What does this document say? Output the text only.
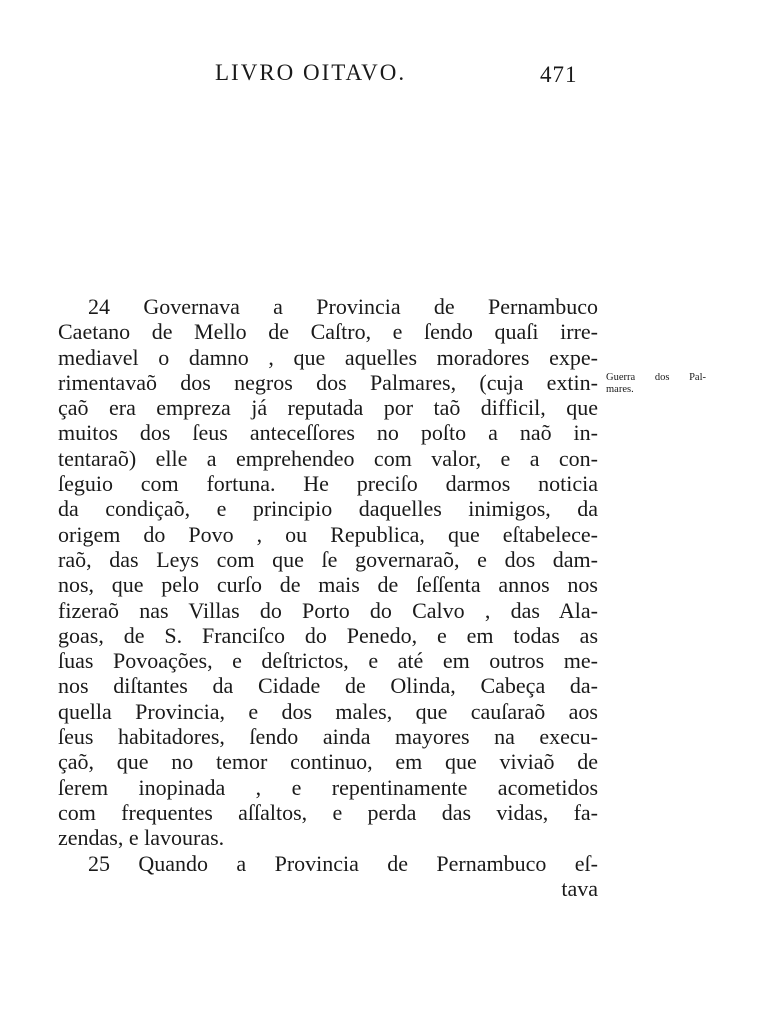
LIVRO OITAVO.	471
24 Governava a Provincia de Pernambuco
Caetano de Mello de Caſtro, e ſendo quaſi irre-
mediavel o damno , que aquelles moradores expe-
rimentavaõ dos negros dos Palmares, (cuja extin-
çaõ era empreza já reputada por taõ difficil, que
muitos dos ſeus anteceſſores no poſto a naõ in-
tentaraõ) elle a emprehendeo com valor, e a con-
ſeguio com fortuna. He preciſo darmos noticia
da condiçaõ, e principio daquelles inimigos, da
origem do Povo , ou Republica, que eſtabelece-
raõ, das Leys com que ſe governaraõ, e dos dam-
nos, que pelo curſo de mais de ſeſſenta annos nos
fizeraõ nas Villas do Porto do Calvo , das Ala-
goas, de S. Franciſco do Penedo, e em todas as
ſuas Povoações, e deſtrictos, e até em outros me-
nos diſtantes da Cidade de Olinda, Cabeça da-
quella Provincia, e dos males, que cauſaraõ aos
ſeus habitadores, ſendo ainda mayores na execu-
çaõ, que no temor continuo, em que viviaõ de
ſerem inopinada , e repentinamente acometidos
com frequentes aſſaltos, e perda das vidas, fa-
zendas, e lavouras.
25 Quando a Provincia de Pernambuco eſ-
tava
Guerra dos Pal-
mares.
